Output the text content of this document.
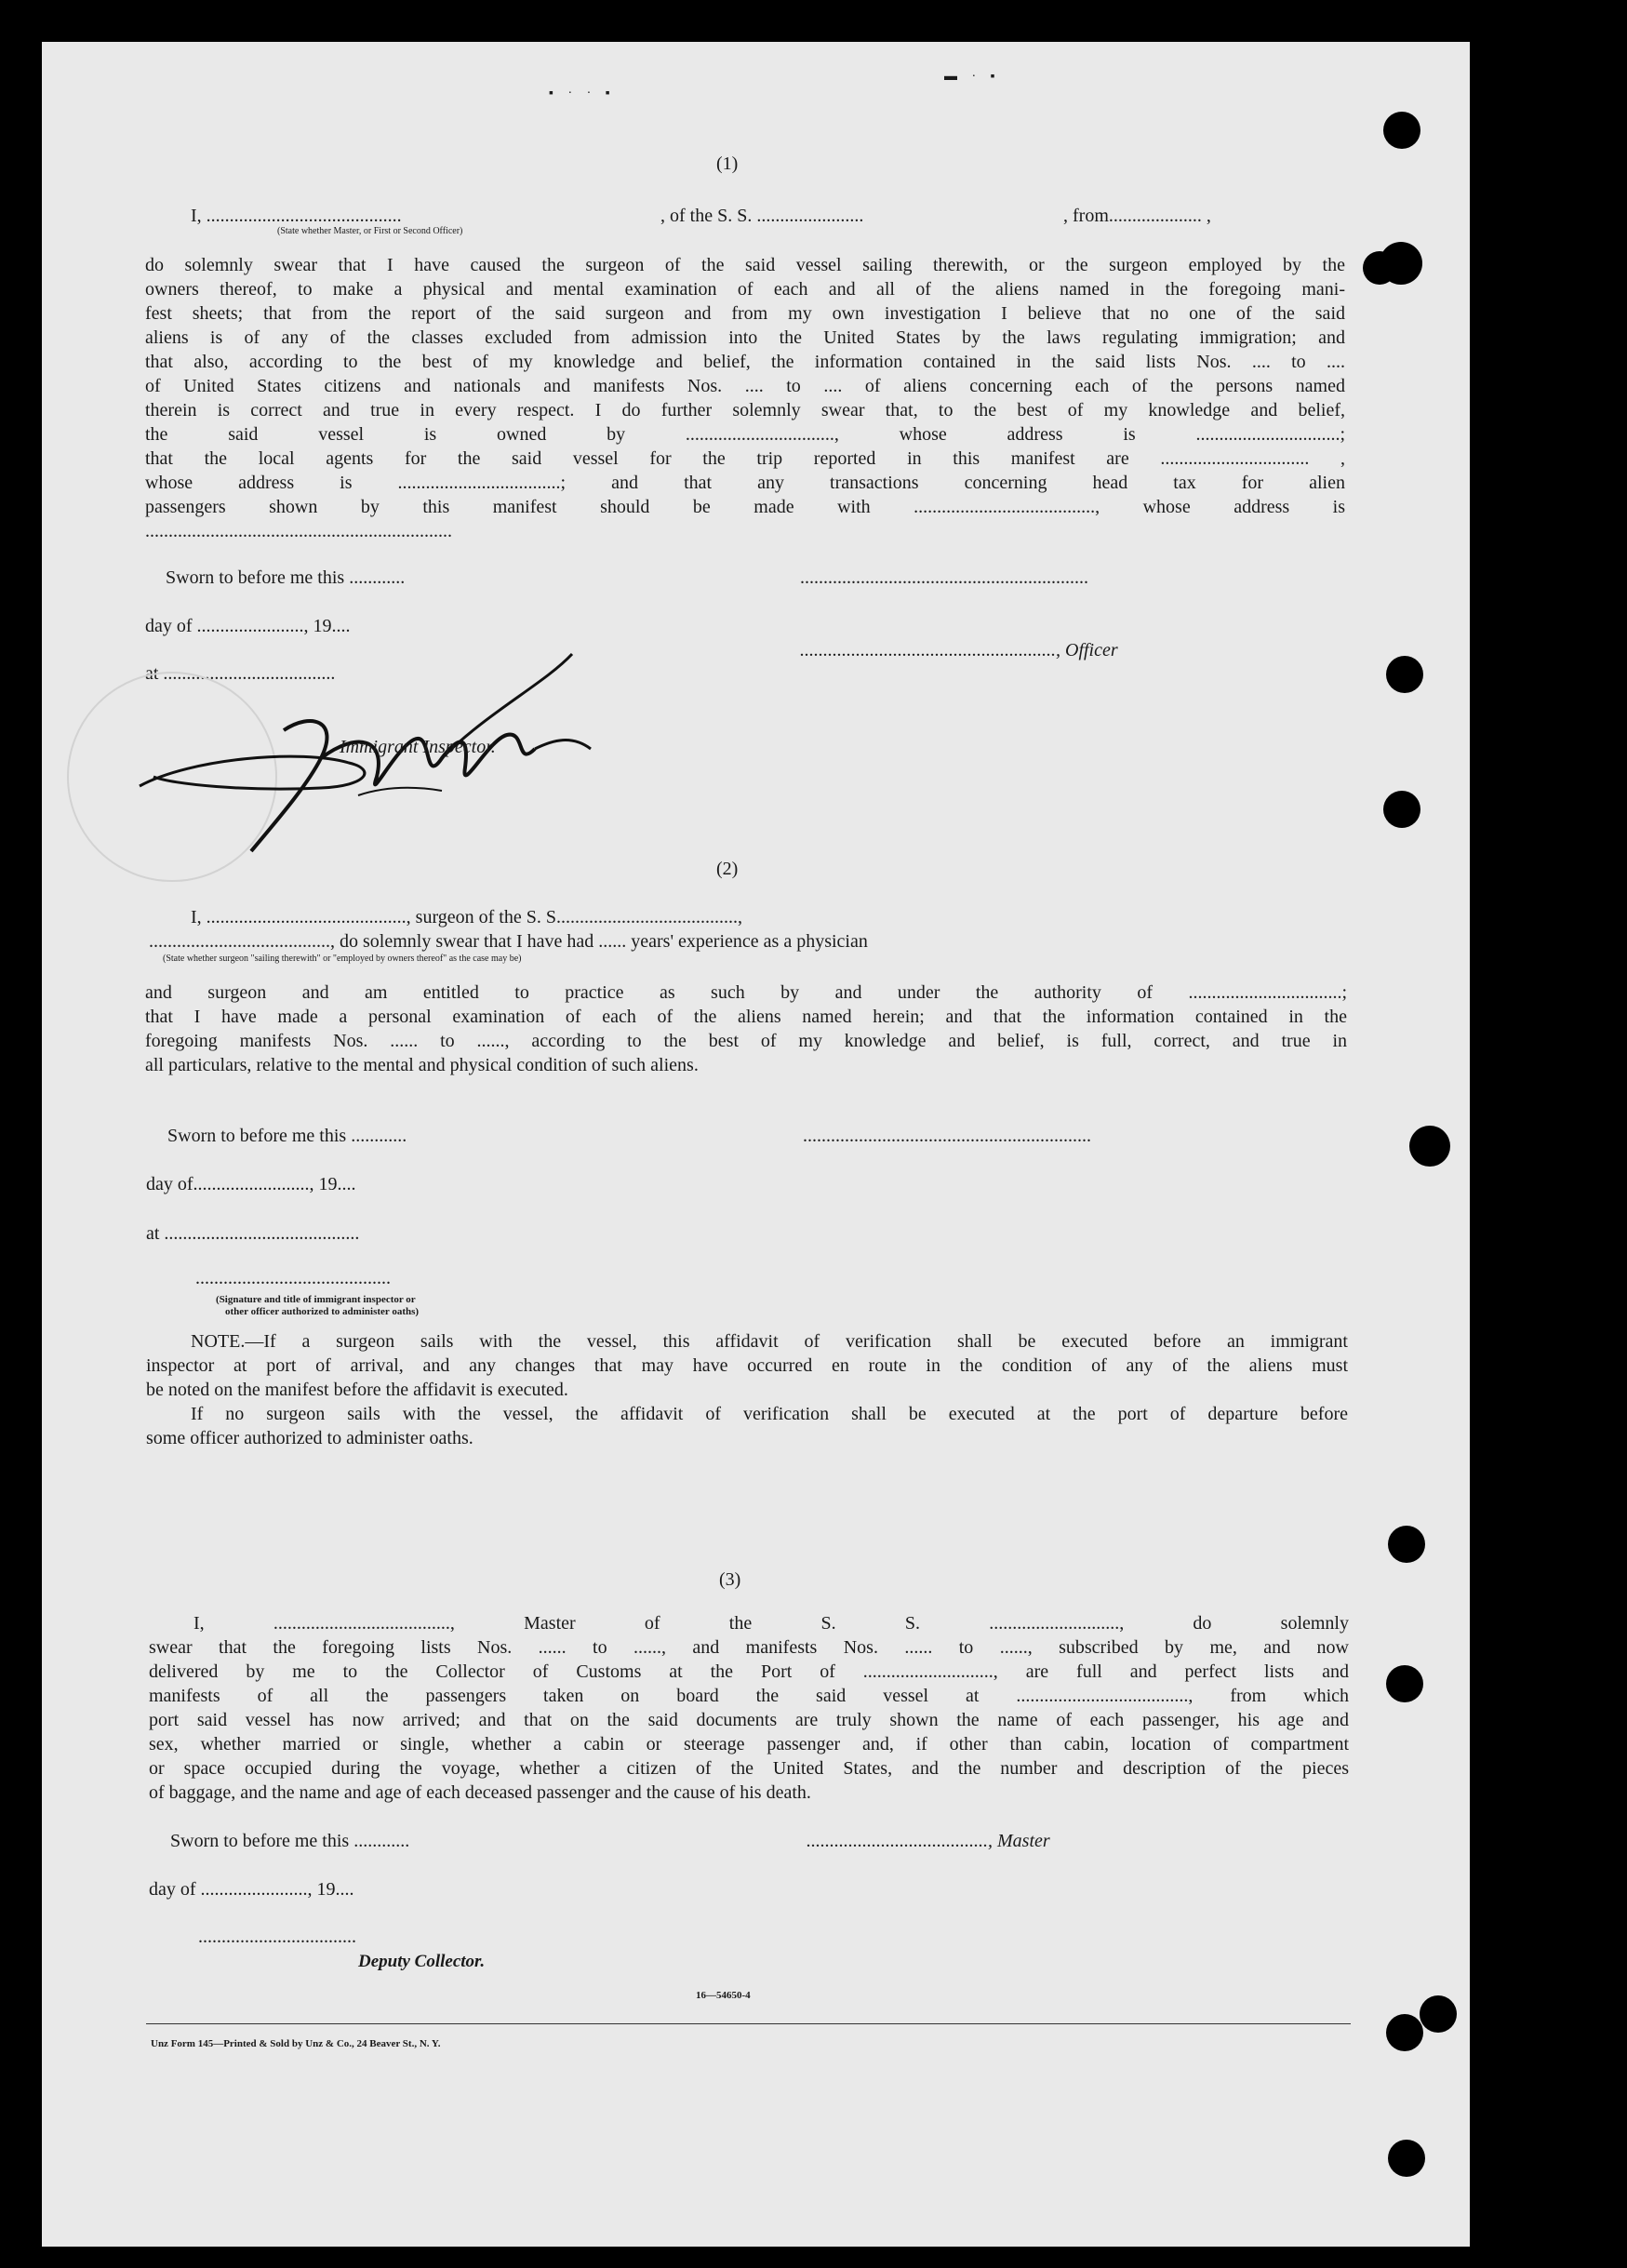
▪ · · ▪
▬ · ▪
(1)
I, ..........................................	, of the S. S. .......................	, from.................... ,
(State whether Master, or First or Second Officer)
do solemnly swear that I have caused the surgeon of the said vessel sailing therewith, or the surgeon employed by the
owners thereof, to make a physical and mental examination of each and all of the aliens named in the foregoing mani-
fest sheets; that from the report of the said surgeon and from my own investigation I believe that no one of the said
aliens is of any of the classes excluded from admission into the United States by the laws regulating immigration; and
that also, according to the best of my knowledge and belief, the information contained in the said lists Nos. .... to ....
of United States citizens and nationals and manifests Nos. .... to .... of aliens concerning each of the persons named
therein is correct and true in every respect. I do further solemnly swear that, to the best of my knowledge and belief,
the said vessel is owned by ................................, whose address is ...............................;
that the local agents for the said vessel for the trip reported in this manifest are ................................ ,
whose address is ...................................; and that any transactions concerning head tax for alien
passengers shown by this manifest should be made with ......................................., whose address is
..................................................................
Sworn to before me this ............	..............................................................
day of ......................., 19....
......................................................., Officer
at .....................................
Immigrant Inspector.
(2)
I, ..........................................., surgeon of the S. S.......................................,
......................................., do solemnly swear that I have had ...... years' experience as a physician
(State whether surgeon "sailing therewith" or "employed by owners thereof" as the case may be)
and surgeon and am entitled to practice as such by and under the authority of .................................;
that I have made a personal examination of each of the aliens named herein; and that the information contained in the
foregoing manifests Nos. ...... to ......, according to the best of my knowledge and belief, is full, correct, and true in
all particulars, relative to the mental and physical condition of such aliens.
Sworn to before me this ............	..............................................................
day of........................., 19....
at ..........................................
..........................................
(Signature and title of immigrant inspector or
other officer authorized to administer oaths)
NOTE.—If a surgeon sails with the vessel, this affidavit of verification shall be executed before an immigrant
inspector at port of arrival, and any changes that may have occurred en route in the condition of any of the aliens must
be noted on the manifest before the affidavit is executed.
If no surgeon sails with the vessel, the affidavit of verification shall be executed at the port of departure before
some officer authorized to administer oaths.
(3)
I, ......................................, Master of the S. S. ............................, do solemnly
swear that the foregoing lists Nos. ...... to ......, and manifests Nos. ...... to ......, subscribed by me, and now
delivered by me to the Collector of Customs at the Port of ............................, are full and perfect lists and
manifests of all the passengers taken on board the said vessel at ....................................., from which
port said vessel has now arrived; and that on the said documents are truly shown the name of each passenger, his age and
sex, whether married or single, whether a cabin or steerage passenger and, if other than cabin, location of compartment
or space occupied during the voyage, whether a citizen of the United States, and the number and description of the pieces
of baggage, and the name and age of each deceased passenger and the cause of his death.
Sworn to before me this ............	......................................., Master
day of ......................., 19....
..................................
Deputy Collector.
16—54650-4
Unz Form 145—Printed & Sold by Unz & Co., 24 Beaver St., N. Y.
